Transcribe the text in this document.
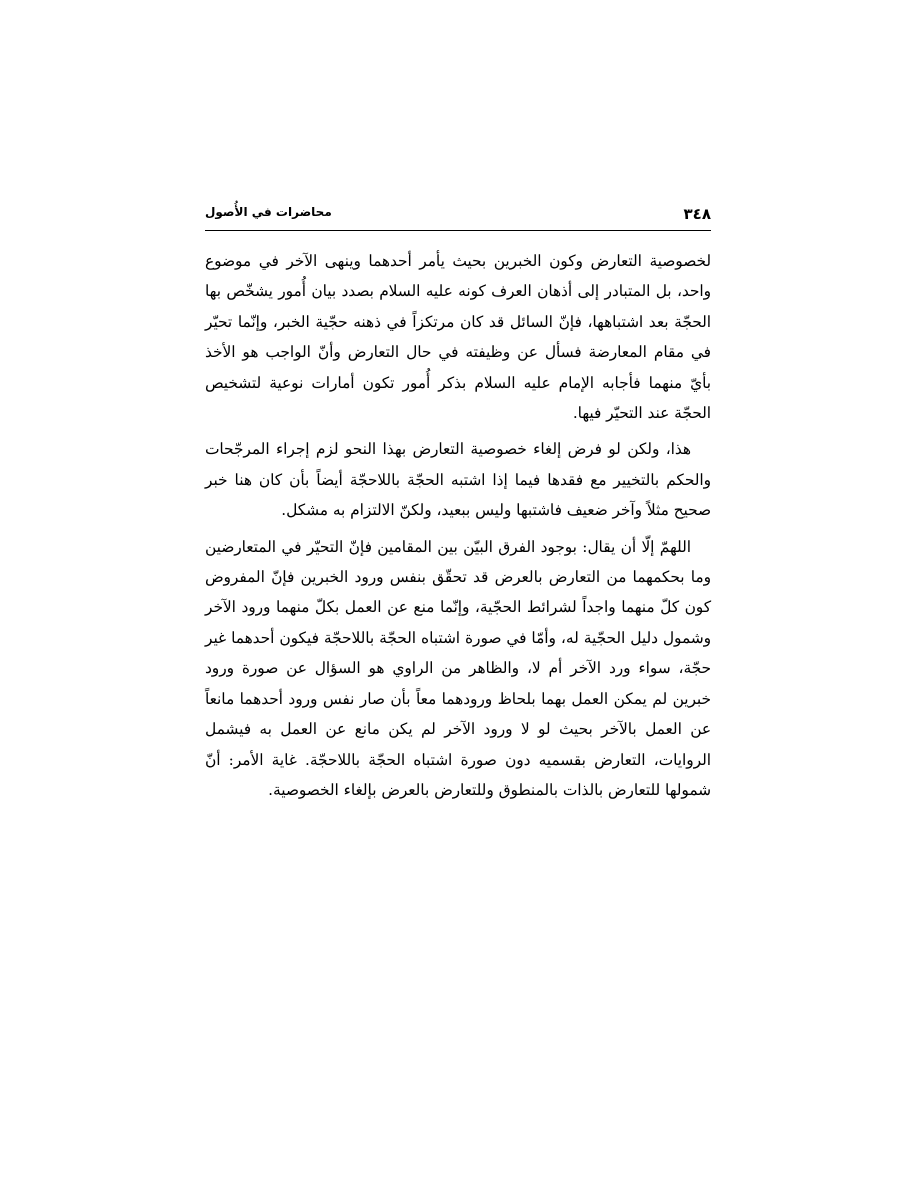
٣٤٨
محاضرات في الأُصول

لخصوصية التعارض وكون الخبرين بحيث يأمر أحدهما وينهى الآخر في موضوع واحد، بل المتبادر إلى أذهان العرف كونه عليه السلام بصدد بيان أُمور يشخّص بها الحجّة بعد اشتباهها، فإنّ السائل قد كان مرتكزاً في ذهنه حجّية الخبر، وإنّما تحيّر في مقام المعارضة فسأل عن وظيفته في حال التعارض وأنّ الواجب هو الأخذ بأيّ منهما فأجابه الإمام عليه السلام بذكر أُمور تكون أمارات نوعية لتشخيص الحجّة عند التحيّر فيها.

هذا، ولكن لو فرض إلغاء خصوصية التعارض بهذا النحو لزم إجراء المرجّحات والحكم بالتخيير مع فقدها فيما إذا اشتبه الحجّة باللاحجّة أيضاً بأن كان هنا خبر صحيح مثلاً وآخر ضعيف فاشتبها وليس ببعيد، ولكنّ الالتزام به مشكل.

اللهمّ إلّا أن يقال: بوجود الفرق البيّن بين المقامين فإنّ التحيّر في المتعارضين وما بحكمهما من التعارض بالعرض قد تحقّق بنفس ورود الخبرين فإنّ المفروض كون كلّ منهما واجداً لشرائط الحجّية، وإنّما منع عن العمل بكلّ منهما ورود الآخر وشمول دليل الحجّية له، وأمّا في صورة اشتباه الحجّة باللاحجّة فيكون أحدهما غير حجّة، سواء ورد الآخر أم لا، والظاهر من الراوي هو السؤال عن صورة ورود خبرين لم يمكن العمل بهما بلحاظ ورودهما معاً بأن صار نفس ورود أحدهما مانعاً عن العمل بالآخر بحيث لو لا ورود الآخر لم يكن مانع عن العمل به فيشمل الروايات، التعارض بقسميه دون صورة اشتباه الحجّة باللاحجّة. غاية الأمر: أنّ شمولها للتعارض بالذات بالمنطوق وللتعارض بالعرض بإلغاء الخصوصية.
